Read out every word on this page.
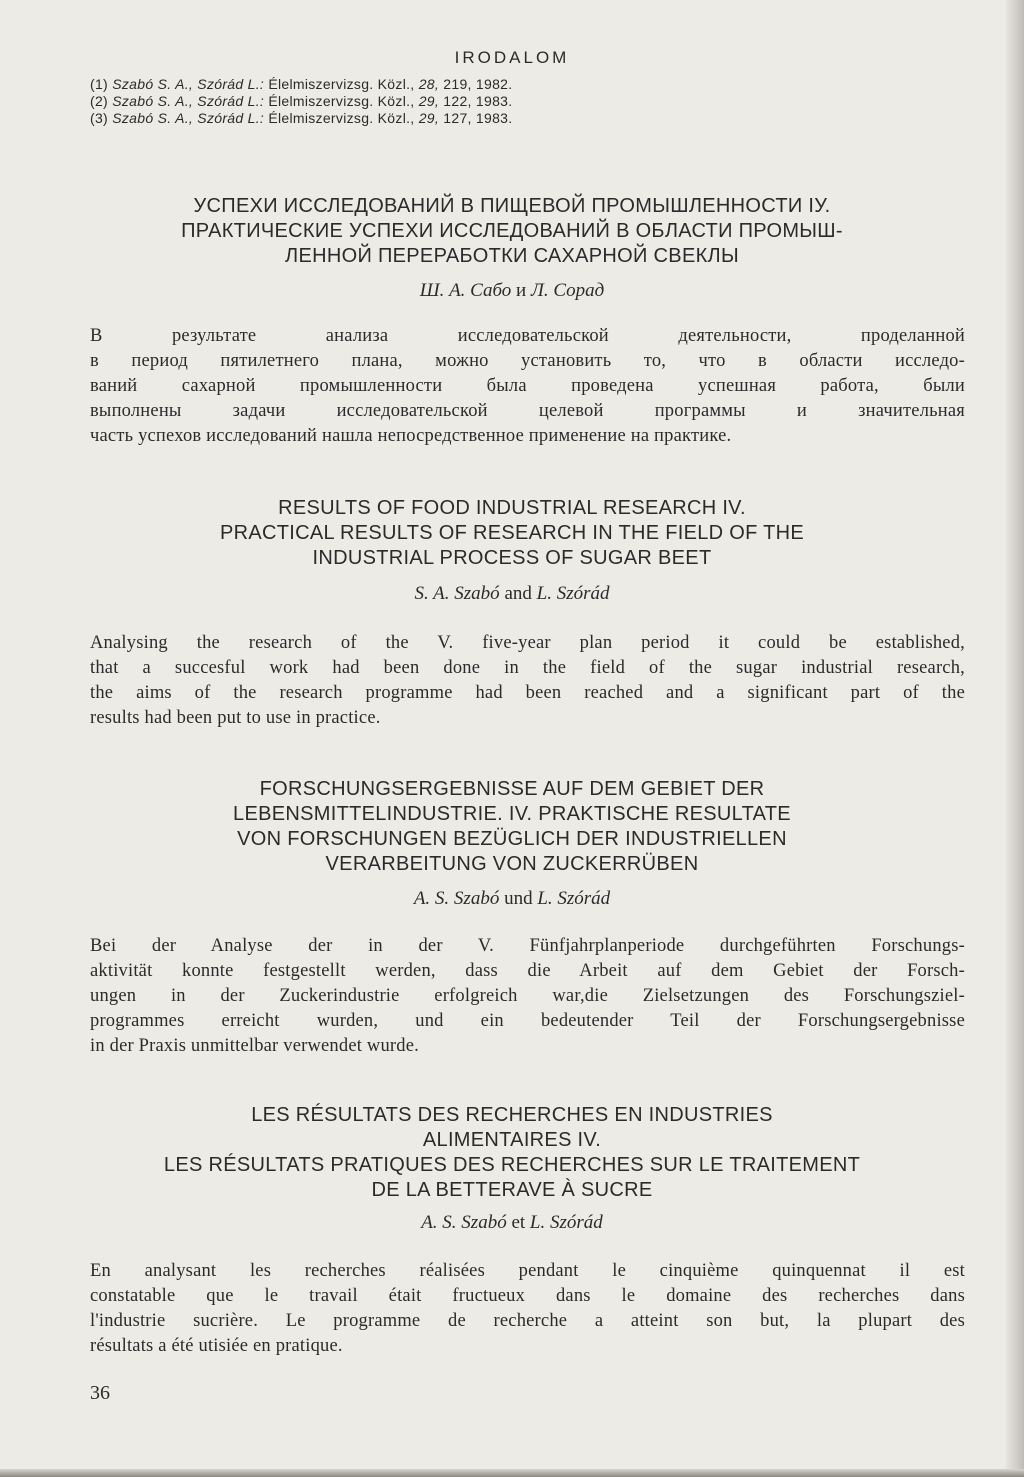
IRODALOM
(1) Szabó S. A., Szórád L.: Élelmiszervizsg. Közl., 28, 219, 1982.
(2) Szabó S. A., Szórád L.: Élelmiszervizsg. Közl., 29, 122, 1983.
(3) Szabó S. A., Szórád L.: Élelmiszervizsg. Közl., 29, 127, 1983.
УСПЕХИ ИССЛЕДОВАНИЙ В ПИЩЕВОЙ ПРОМЫШЛЕННОСТИ ІУ.
ПРАКТИЧЕСКИЕ УСПЕХИ ИССЛЕДОВАНИЙ В ОБЛАСТИ ПРОМЫШ-
ЛЕННОЙ ПЕРЕРАБОТКИ САХАРНОЙ СВЕКЛЫ
Ш. А. Сабо и Л. Сорад
В результате анализа исследовательской деятельности, проделанной
в период пятилетнего плана, можно установить то, что в области исследо-
ваний сахарной промышленности была проведена успешная работа, были
выполнены задачи исследовательской целевой программы и значительная
часть успехов исследований нашла непосредственное применение на практике.
RESULTS OF FOOD INDUSTRIAL RESEARCH IV.
PRACTICAL RESULTS OF RESEARCH IN THE FIELD OF THE
INDUSTRIAL PROCESS OF SUGAR BEET
S. A. Szabó and L. Szórád
Analysing the research of the V. five-year plan period it could be established,
that a succesful work had been done in the field of the sugar industrial research,
the aims of the research programme had been reached and a significant part of the
results had been put to use in practice.
FORSCHUNGSERGEBNISSE AUF DEM GEBIET DER
LEBENSMITTELINDUSTRIE. IV. PRAKTISCHE RESULTATE
VON FORSCHUNGEN BEZÜGLICH DER INDUSTRIELLEN
VERARBEITUNG VON ZUCKERRÜBEN
A. S. Szabó und L. Szórád
Bei der Analyse der in der V. Fünfjahrplanperiode durchgeführten Forschungs-
aktivität konnte festgestellt werden, dass die Arbeit auf dem Gebiet der Forsch-
ungen in der Zuckerindustrie erfolgreich war,die Zielsetzungen des Forschungsziel-
programmes erreicht wurden, und ein bedeutender Teil der Forschungsergebnisse
in der Praxis unmittelbar verwendet wurde.
LES RÉSULTATS DES RECHERCHES EN INDUSTRIES
ALIMENTAIRES IV.
LES RÉSULTATS PRATIQUES DES RECHERCHES SUR LE TRAITEMENT
DE LA BETTERAVE À SUCRE
A. S. Szabó et L. Szórád
En analysant les recherches réalisées pendant le cinquième quinquennat il est
constatable que le travail était fructueux dans le domaine des recherches dans
l'industrie sucrière. Le programme de recherche a atteint son but, la plupart des
résultats a été utisiée en pratique.
36
